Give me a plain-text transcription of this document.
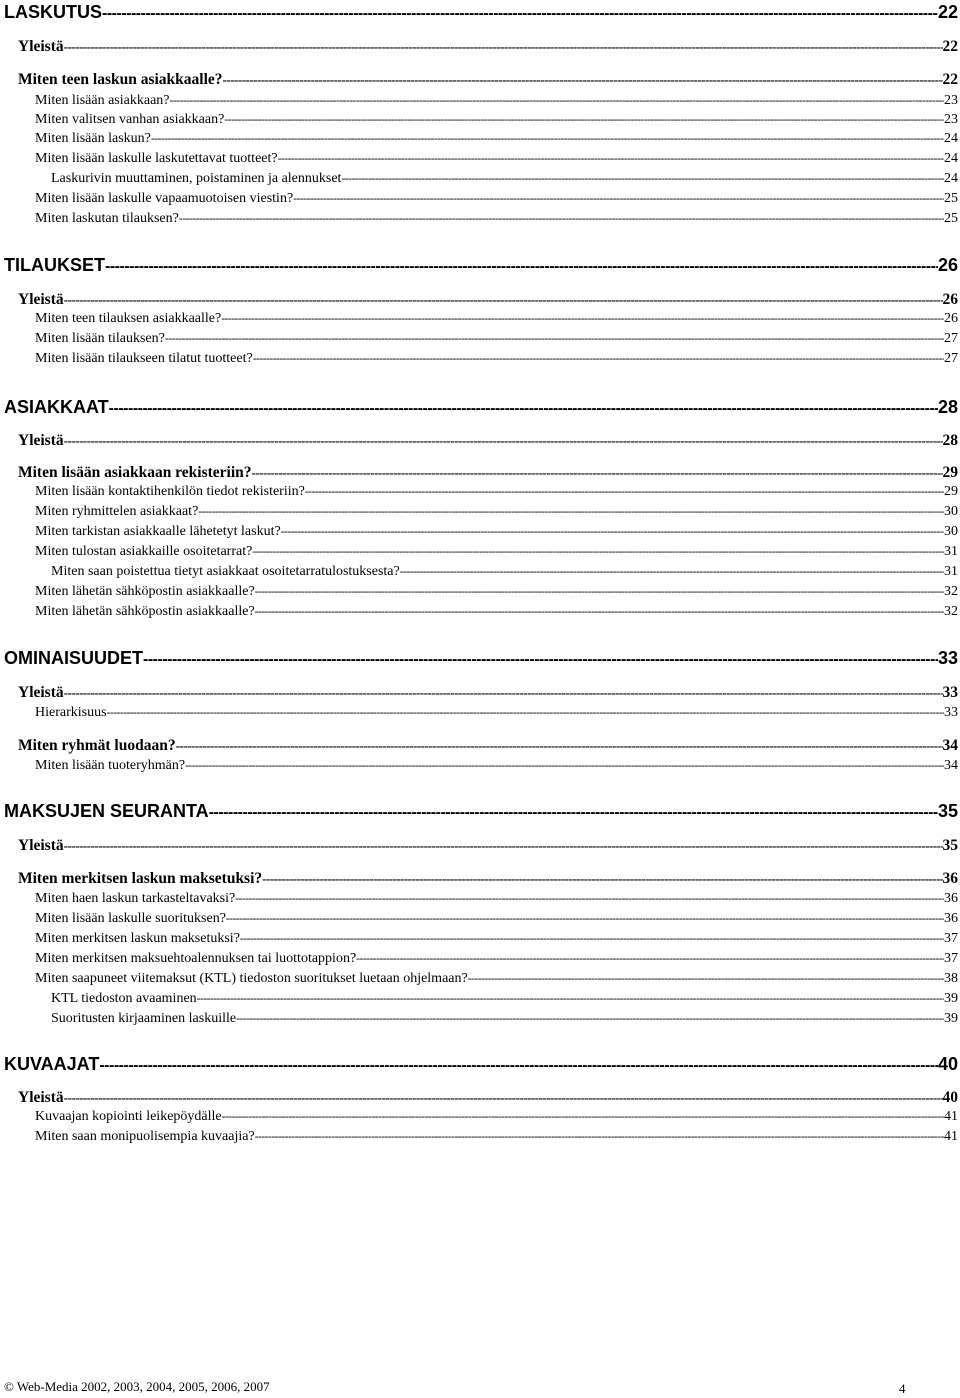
LASKUTUS -----	22
Yleistä -----	22
Miten teen laskun asiakkaalle? -----	22
Miten lisään asiakkaan? -----	23
Miten valitsen vanhan asiakkaan? -----	23
Miten lisään laskun? -----	24
Miten lisään laskulle laskutettavat tuotteet? -----	24
Laskurivin muuttaminen, poistaminen ja alennukset -----	24
Miten lisään laskulle vapaamuotoisen viestin? -----	25
Miten laskutan tilauksen? -----	25
TILAUKSET -----	26
Yleistä -----	26
Miten teen tilauksen asiakkaalle? -----	26
Miten lisään tilauksen? -----	27
Miten lisään tilaukseen tilatut tuotteet? -----	27
ASIAKKAAT -----	28
Yleistä -----	28
Miten lisään asiakkaan rekisteriin? -----	29
Miten lisään kontaktihenkilön tiedot rekisteriin? -----	29
Miten ryhmittelen asiakkaat? -----	30
Miten tarkistan asiakkaalle lähetetyt laskut? -----	30
Miten tulostan asiakkaille osoitetarrat? -----	31
Miten saan poistettua tietyt asiakkaat osoitetarratulostuksesta? -----	31
Miten lähetän sähköpostin asiakkaalle? -----	32
Miten lähetän sähköpostin asiakkaalle? -----	32
OMINAISUUDET -----	33
Yleistä -----	33
Hierarkisuus -----	33
Miten ryhmät luodaan? -----	34
Miten lisään tuoteryhmän? -----	34
MAKSUJEN SEURANTA -----	35
Yleistä -----	35
Miten merkitsen laskun maksetuksi? -----	36
Miten haen laskun tarkasteltavaksi? -----	36
Miten lisään laskulle suorituksen? -----	36
Miten merkitsen laskun maksetuksi? -----	37
Miten merkitsen maksuehtoalennuksen tai luottotappion? -----	37
Miten saapuneet viitemaksut (KTL) tiedoston suoritukset luetaan ohjelmaan? -----	38
KTL tiedoston avaaminen -----	39
Suoritusten kirjaaminen laskuille -----	39
KUVAAJAT -----	40
Yleistä -----	40
Kuvaajan kopiointi leikepöydälle -----	41
Miten saan monipuolisempia kuvaajia? -----	41
© Web-Media 2002, 2003, 2004, 2005, 2006, 2007	4
